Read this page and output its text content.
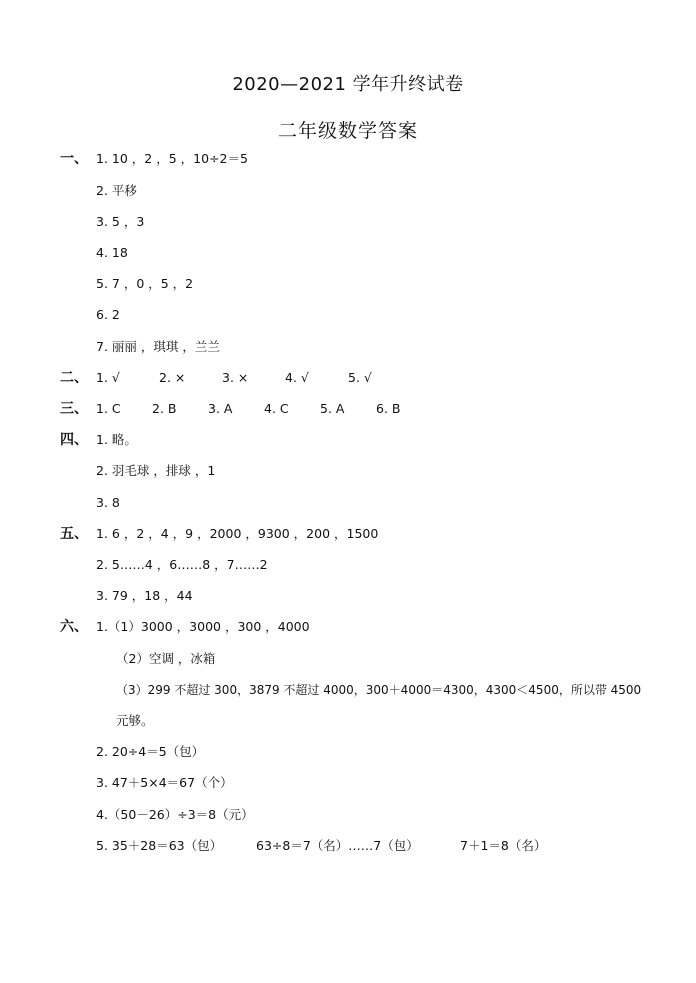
2020—2021 学年升终试卷
二年级数学答案
一、 1. 10 ，2 ，5 ，10÷2＝5
2. 平移
3. 5 ，3
4. 18
5. 7 ，0 ，5 ，2
6. 2
7. 丽丽 ，琪琪 ，兰兰
二、 1. √	2. ×	3. ×	4. √	5. √
三、 1. C	2. B	3. A	4. C	5. A	6. B
四、 1. 略。
2. 羽毛球 ，排球 ，1
3. 8
五、 1. 6 ，2 ，4 ，9 ，2000 ，9300 ，200 ，1500
2. 5……4 ，6……8 ，7……2
3. 79 ，18 ，44
六、 1.（1）3000 ，3000 ，300 ，4000
（2）空调 ，冰箱
（3）299 不超过 300，3879 不超过 4000，300＋4000＝4300，4300＜4500，所以带 4500
元够。
2. 20÷4＝5（包）
3. 47＋5×4＝67（个）
4.（50－26）÷3＝8（元）
5. 35＋28＝63（包）	63÷8＝7（名）……7（包）	7＋1＝8（名）
